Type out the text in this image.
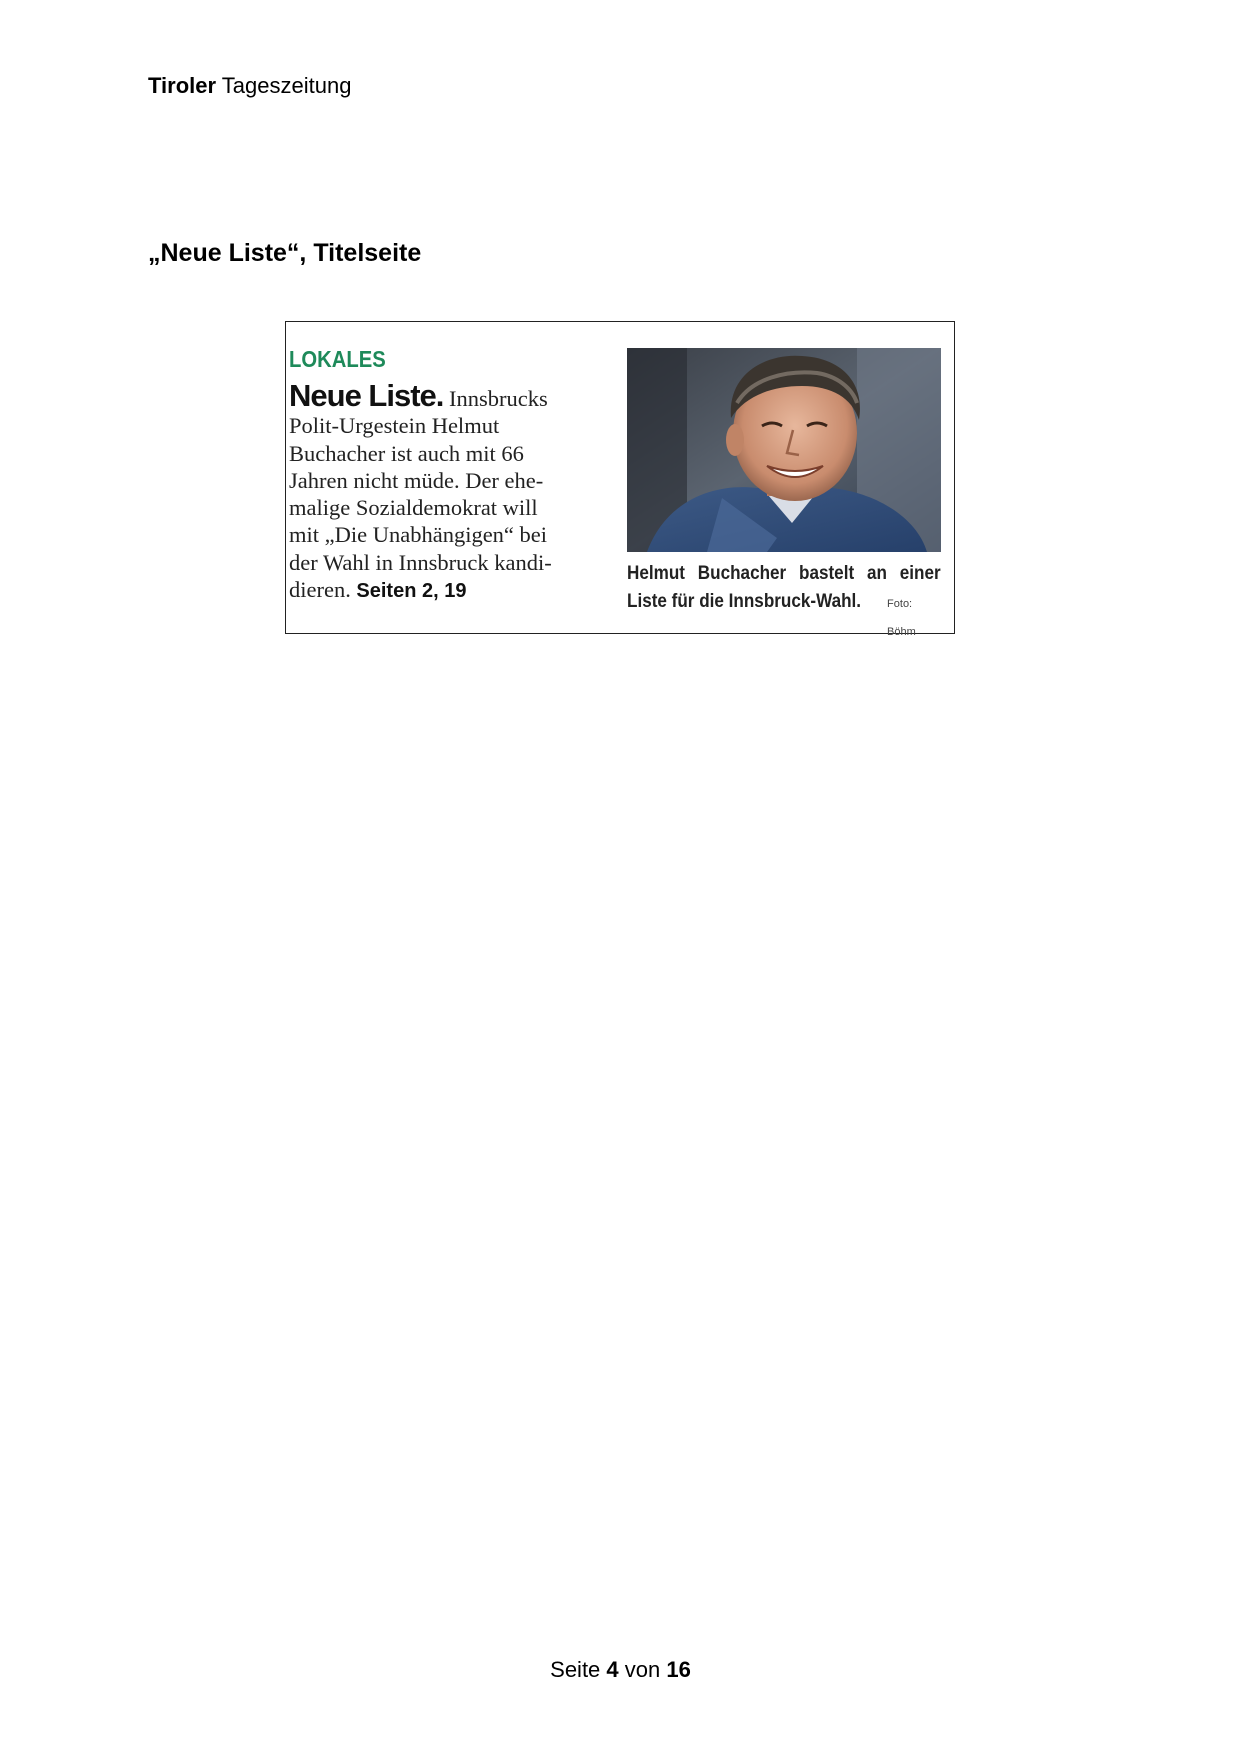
Tiroler Tageszeitung
„Neue Liste“, Titelseite
LOKALES

Neue Liste. Innsbrucks
Polit-Urgestein Helmut
Buchacher ist auch mit 66
Jahren nicht müde. Der ehe-
malige Sozialdemokrat will
mit „Die Unabhängigen“ bei
der Wahl in Innsbruck kandi-
dieren. Seiten 2, 19

Helmut Buchacher bastelt an einer
Liste für die Innsbruck-Wahl. Foto: Böhm
Seite 4 von 16
